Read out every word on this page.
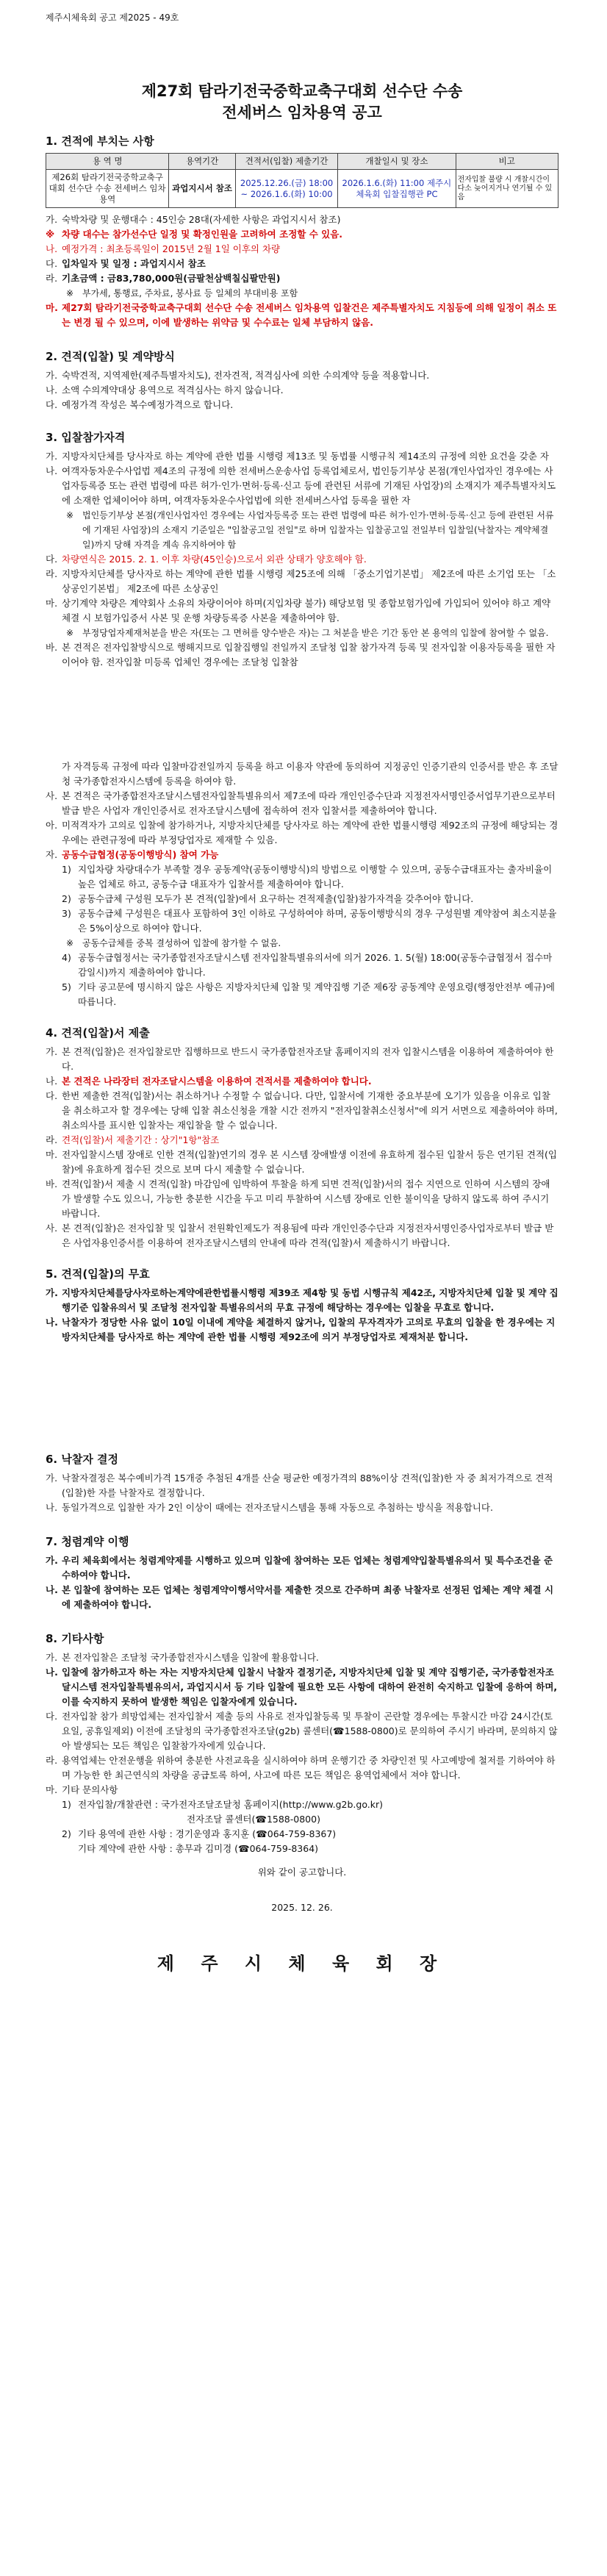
제주시체육회 공고 제2025 - 49호
제27회 탐라기전국중학교축구대회 선수단 수송
전세버스 임차용역 공고
1. 견적에 부치는 사항
용 역 명	용역기간	견적서(입찰) 제출기간	개찰일시 및 장소	비고
제26회 탐라기전국중학교축구대회 선수단 수송 전세버스 임차용역	과업지시서 참조	2025.12.26.(금) 18:00 ~ 2026.1.6.(화) 10:00	2026.1.6.(화) 11:00 제주시체육회 입찰집행관 PC	전자입찰 불량 시 개찰시간이 다소 늦어지거나 연기될 수 있음
가. 숙박차량 및 운행대수 : 45인승 28대(자세한 사항은 과업지시서 참조)
※ 차량 대수는 참가선수단 일정 및 확정인원을 고려하여 조정할 수 있음.
나. 예정가격 : 최초등록일이 2015년 2월 1일 이후의 차량
다. 입차일자 및 일정 : 과업지시서 참조
라. 기초금액 : 금83,780,000원(금팔천삼백칠십팔만원)
※ 부가세, 통행료, 주차료, 봉사료 등 일체의 부대비용 포함
마. 제27회 탐라기전국중학교축구대회 선수단 수송 전세버스 임차용역 입찰건은 제주특별자치도 지침등에 의해 일정이 취소 또는 변경 될 수 있으며, 이에 발생하는 위약금 및 수수료는 일체 부담하지 않음.
2. 견적(입찰) 및 계약방식
가. 숙박견적, 지역제한(제주특별자치도), 전자견적, 적격심사에 의한 수의계약 등을 적용합니다.
나. 소액 수의계약대상 용역으로 적격심사는 하지 않습니다.
다. 예정가격 작성은 복수예정가격으로 합니다.
3. 입찰참가자격
가. 지방자치단체를 당사자로 하는 계약에 관한 법률 시행령 제13조 및 동법률 시행규칙 제14조의 규정에 의한 요건을 갖춘 자
나. 여객자동차운수사업법 제4조의 규정에 의한 전세버스운송사업 등록업체로서, 법인등기부상 본점(개인사업자인 경우에는 사업자등록증 또는 관련 법령에 따른 허가·인가·면허·등록·신고 등에 관련된 서류에 기재된 사업장)의 소재지가 제주특별자치도에 소재한 업체이어야 하며, 여객자동차운수사업법에 의한 전세버스사업 등록을 필한 자
※ 법인등기부상 본점(개인사업자인 경우에는 사업자등록증 또는 관련 법령에 따른 허가·인가·면허·등록·신고 등에 관련된 서류에 기재된 사업장)의 소재지 기준일은 "입찰공고일 전일"로 하며 입찰자는 입찰공고일 전일부터 입찰일(낙찰자는 계약체결일)까지 당해 자격을 계속 유지하여야 함
다. 차량연식은 2015. 2. 1. 이후 차량(45인승)으로서 외관 상태가 양호해야 함.
라. 지방자치단체를 당사자로 하는 계약에 관한 법률 시행령 제25조에 의해 「중소기업기본법」 제2조에 따른 소기업 또는 「소상공인기본법」 제2조에 따른 소상공인
마. 상기계약 차량은 계약회사 소유의 차량이어야 하며(지입차량 불가) 해당보험 및 종합보험가입에 가입되어 있어야 하고 계약체결 시 보험가입증서 사본 및 운행 차량등록증 사본을 제출하여야 함.
※ 부정당업자제재처분을 받은 자(또는 그 면허를 양수받은 자)는 그 처분을 받은 기간 동안 본 용역의 입찰에 참여할 수 없음.
바. 본 견적은 전자입찰방식으로 행해지므로 입찰집행일 전일까지 조달청 입찰 참가자격 등록 및 전자입찰 이용자등록을 필한 자이어야 함. 전자입찰 미등록 업체인 경우에는 조달청 입찰참
가 자격등록 규정에 따라 입찰마감전일까지 등록을 하고 이용자 약관에 동의하여 지정공인 인증기관의 인증서를 받은 후 조달청 국가종합전자시스템에 등록을 하여야 함.
사. 본 견적은 국가종합전자조달시스템전자입찰특별유의서 제7조에 따라 개인인증수단과 지정전자서명인증서업무기관으로부터 발급 받은 사업자 개인인증서로 전자조달시스템에 접속하여 전자 입찰서를 제출하여야 합니다.
아. 미적격자가 고의로 입찰에 참가하거나, 지방자치단체를 당사자로 하는 계약에 관한 법률시행령 제92조의 규정에 해당되는 경우에는 관련규정에 따라 부정당업자로 제재할 수 있음.
자. 공동수급협정(공동이행방식) 참여 가능
1) 지입차량 차량대수가 부족할 경우 공동계약(공동이행방식)의 방법으로 이행할 수 있으며, 공동수급대표자는 출자비율이 높은 업체로 하고, 공동수급 대표자가 입찰서를 제출하여야 합니다.
2) 공동수급체 구성원 모두가 본 견적(입찰)에서 요구하는 견적제출(입찰)참가자격을 갖추어야 합니다.
3) 공동수급체 구성원은 대표사 포함하여 3인 이하로 구성하여야 하며, 공동이행방식의 경우 구성원별 계약참여 최소지분율은 5%이상으로 하여야 합니다.
※ 공동수급체를 중복 결성하여 입찰에 참가할 수 없음.
4) 공동수급협정서는 국가종합전자조달시스템 전자입찰특별유의서에 의거 2026. 1. 5(월) 18:00(공동수급협정서 접수마감일시)까지 제출하여야 합니다.
5) 기타 공고문에 명시하지 않은 사항은 지방자치단체 입찰 및 계약집행 기준 제6장 공동계약 운영요령(행정안전부 예규)에 따릅니다.
4. 견적(입찰)서 제출
가. 본 견적(입찰)은 전자입찰로만 집행하므로 반드시 국가종합전자조달 홈페이지의 전자 입찰시스템을 이용하여 제출하여야 한다.
나. 본 견적은 나라장터 전자조달시스템을 이용하여 견적서를 제출하여야 합니다.
다. 한번 제출한 견적(입찰)서는 취소하거나 수정할 수 없습니다. 다만, 입찰서에 기재한 중요부분에 오기가 있음을 이유로 입찰을 취소하고자 할 경우에는 당해 입찰 취소신청을 개찰 시간 전까지 "전자입찰취소신청서"에 의거 서면으로 제출하여야 하며, 취소의사를 표시한 입찰자는 재입찰을 할 수 없습니다.
라. 견적(입찰)서 제출기간 : 상기"1항"참조
마. 전자입찰시스템 장애로 인한 견적(입찰)연기의 경우 본 시스템 장애발생 이전에 유효하게 접수된 입찰서 등은 연기된 견적(입찰)에 유효하게 접수된 것으로 보며 다시 제출할 수 없습니다.
바. 견적(입찰)서 제출 시 견적(입찰) 마감임에 임박하여 투찰을 하게 되면 견적(입찰)서의 접수 지연으로 인하여 시스템의 장애가 발생할 수도 있으니, 가능한 충분한 시간을 두고 미리 투찰하여 시스템 장애로 인한 불이익을 당하지 않도록 하여 주시기 바랍니다.
사. 본 견적(입찰)은 전자입찰 및 입찰서 전원확인제도가 적용됨에 따라 개인인증수단과 지정전자서명인증사업자로부터 발급 받은 사업자용인증서를 이용하여 전자조달시스템의 안내에 따라 견적(입찰)서 제출하시기 바랍니다.
5. 견적(입찰)의 무효
가. 지방자치단체를당사자로하는계약에관한법률시행령 제39조 제4항 및 동법 시행규칙 제42조, 지방자치단체 입찰 및 계약 집행기준 입찰유의서 및 조달청 전자입찰 특별유의서의 무효 규정에 해당하는 경우에는 입찰을 무효로 합니다.
나. 낙찰자가 정당한 사유 없이 10일 이내에 계약을 체결하지 않거나, 입찰의 무자격자가 고의로 무효의 입찰을 한 경우에는 지방자치단체를 당사자로 하는 계약에 관한 법률 시행령 제92조에 의거 부정당업자로 제재처분 합니다.
6. 낙찰자 결정
가. 낙찰자결정은 복수예비가격 15개중 추첨된 4개를 산술 평균한 예정가격의 88%이상 견적(입찰)한 자 중 최저가격으로 견적(입찰)한 자를 낙찰자로 결정합니다.
나. 동일가격으로 입찰한 자가 2인 이상이 때에는 전자조달시스템을 통해 자동으로 추첨하는 방식을 적용합니다.
7. 청렴계약 이행
가. 우리 체육회에서는 청렴계약제를 시행하고 있으며 입찰에 참여하는 모든 업체는 청렴계약입찰특별유의서 및 특수조건을 준수하여야 합니다.
나. 본 입찰에 참여하는 모든 업체는 청렴계약이행서약서를 제출한 것으로 간주하며 최종 낙찰자로 선정된 업체는 계약 체결 시에 제출하여야 합니다.
8. 기타사항
가. 본 전자입찰은 조달청 국가종합전자시스템을 입찰에 활용합니다.
나. 입찰에 참가하고자 하는 자는 지방자치단체 입찰시 낙찰자 결정기준, 지방자치단체 입찰 및 계약 집행기준, 국가종합전자조달시스템 전자입찰특별유의서, 과업지시서 등 기타 입찰에 필요한 모든 사항에 대하여 완전히 숙지하고 입찰에 응하여 하며, 이를 숙지하지 못하여 발생한 책임은 입찰자에게 있습니다.
다. 전자입찰 참가 희망업체는 전자입찰서 제출 등의 사유로 전자입찰등록 및 투찰이 곤란할 경우에는 투찰시간 마감 24시간(토요일, 공휴일제외) 이전에 조달청의 국가종합전자조달(g2b) 콜센터(☎1588-0800)로 문의하여 주시기 바라며, 문의하지 않아 발생되는 모든 책임은 입찰참가자에게 있습니다.
라. 용역업체는 안전운행을 위하여 충분한 사전교육을 실시하여야 하며 운행기간 중 차량인전 및 사고예방에 철저를 기하여야 하며 가능한 한 최근연식의 차량을 공급토록 하여, 사고에 따른 모든 책임은 용역업체에서 져야 합니다.
마. 기타 문의사항
1) 전자입찰/개찰관련 : 국가전자조달조달청 홈페이지(http://www.g2b.go.kr)
전자조달 콜센터(☎1588-0800)
2) 기타 용역에 관한 사항 : 경기운영과 홍지훈 (☎064-759-8367)
기타 계약에 관한 사항 : 총무과 김미경 (☎064-759-8364)
위와 같이 공고합니다.
2025. 12. 26.
제 주 시 체 육 회 장
